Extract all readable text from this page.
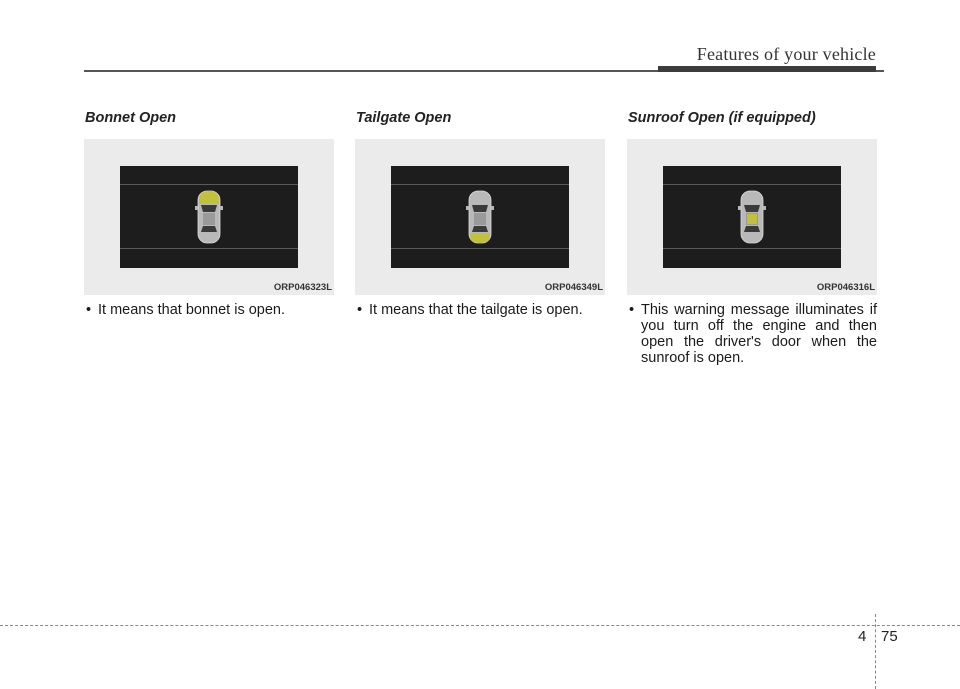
Features of your vehicle
Bonnet Open
ORP046323L
• It means that bonnet is open.
Tailgate Open
ORP046349L
• It means that the tailgate is open.
Sunroof Open (if equipped)
ORP046316L
• This warning message illuminates if you turn off the engine and then open the driver's door when the sunroof is open.
4 75
